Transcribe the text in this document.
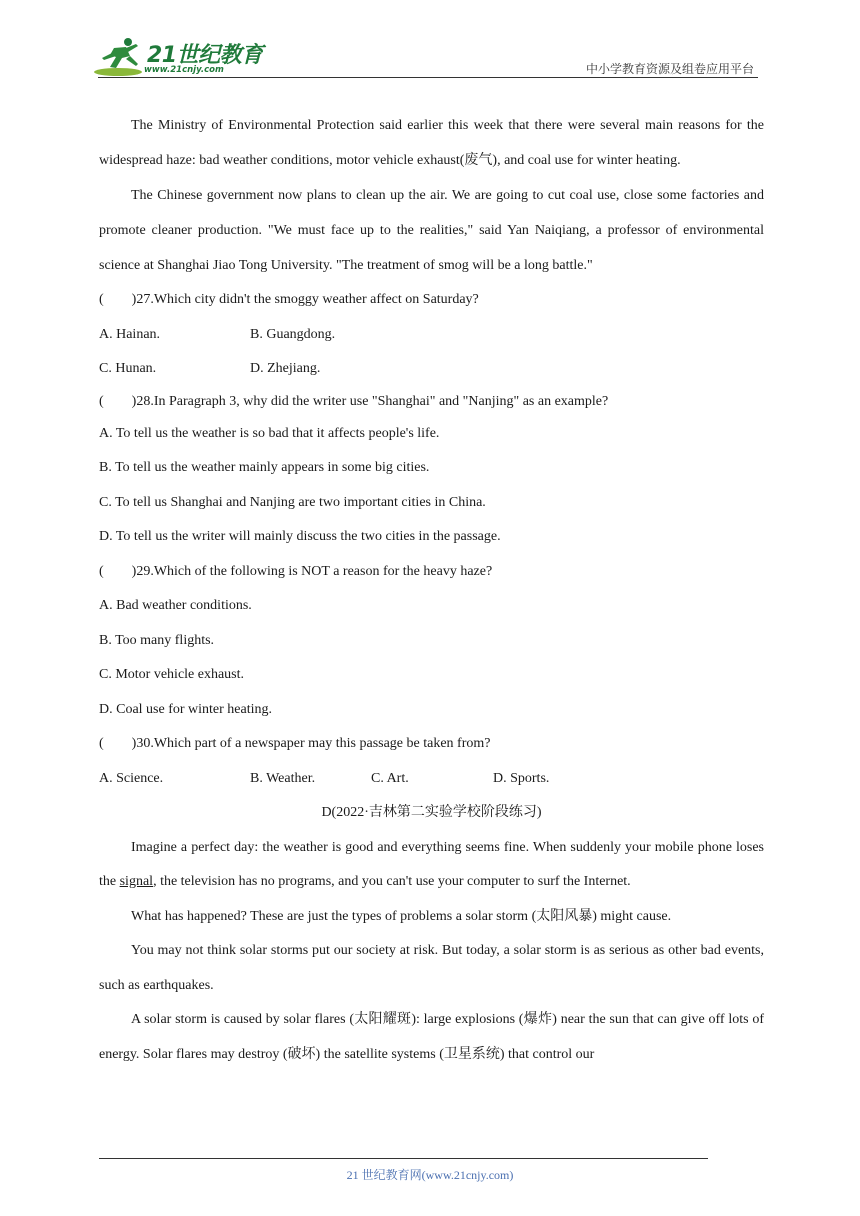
21世纪教育
www.21cnjy.com	中小学教育资源及组卷应用平台

The Ministry of Environmental Protection said earlier this week that there were several main reasons for the widespread haze: bad weather conditions, motor vehicle exhaust(废气), and coal use for winter heating.

The Chinese government now plans to clean up the air. We are going to cut coal use, close some factories and promote cleaner production. "We must face up to the realities," said Yan Naiqiang, a professor of environmental science at Shanghai Jiao Tong University. "The treatment of smog will be a long battle."

(        )27.Which city didn't the smoggy weather affect on Saturday?

A. Hainan.	B. Guangdong.
C. Hunan.	D. Zhejiang.

(        )28.In Paragraph 3, why did the writer use "Shanghai" and "Nanjing" as an example?

A. To tell us the weather is so bad that it affects people's life.

B. To tell us the weather mainly appears in some big cities.

C. To tell us Shanghai and Nanjing are two important cities in China.

D. To tell us the writer will mainly discuss the two cities in the passage.

(        )29.Which of the following is NOT a reason for the heavy haze?

A. Bad weather conditions.

B. Too many flights.

C. Motor vehicle exhaust.

D. Coal use for winter heating.

(        )30.Which part of a newspaper may this passage be taken from?

A. Science.	B. Weather.	C. Art.	D. Sports.

D(2022·吉林第二实验学校阶段练习)

Imagine a perfect day: the weather is good and everything seems fine. When suddenly your mobile phone loses the signal, the television has no programs, and you can't use your computer to surf the Internet.

What has happened? These are just the types of problems a solar storm (太阳风暴) might cause.

You may not think solar storms put our society at risk. But today, a solar storm is as serious as other bad events, such as earthquakes.

A solar storm is caused by solar flares (太阳耀斑): large explosions (爆炸) near the sun that can give off lots of energy. Solar flares may destroy (破坏) the satellite systems (卫星系统) that control our

21 世纪教育网(www.21cnjy.com)
